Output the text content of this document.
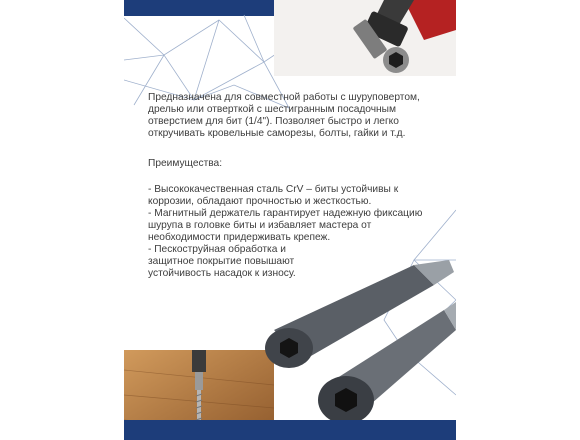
Предназначена для совместной работы с шуруповертом,
дрелью или отверткой с шестигранным посадочным
отверстием для бит (1/4"). Позволяет быстро и легко
откручивать кровельные саморезы, болты, гайки и т.д.
Преимущества:
- Высококачественная сталь CrV – биты устойчивы к
коррозии, обладают прочностью и жесткостью.
- Магнитный держатель гарантирует надежную фиксацию
шурупа в головке биты и избавляет мастера от
необходимости придерживать крепеж.
- Пескоструйная обработка и
защитное покрытие повышают
устойчивость насадок к износу.
